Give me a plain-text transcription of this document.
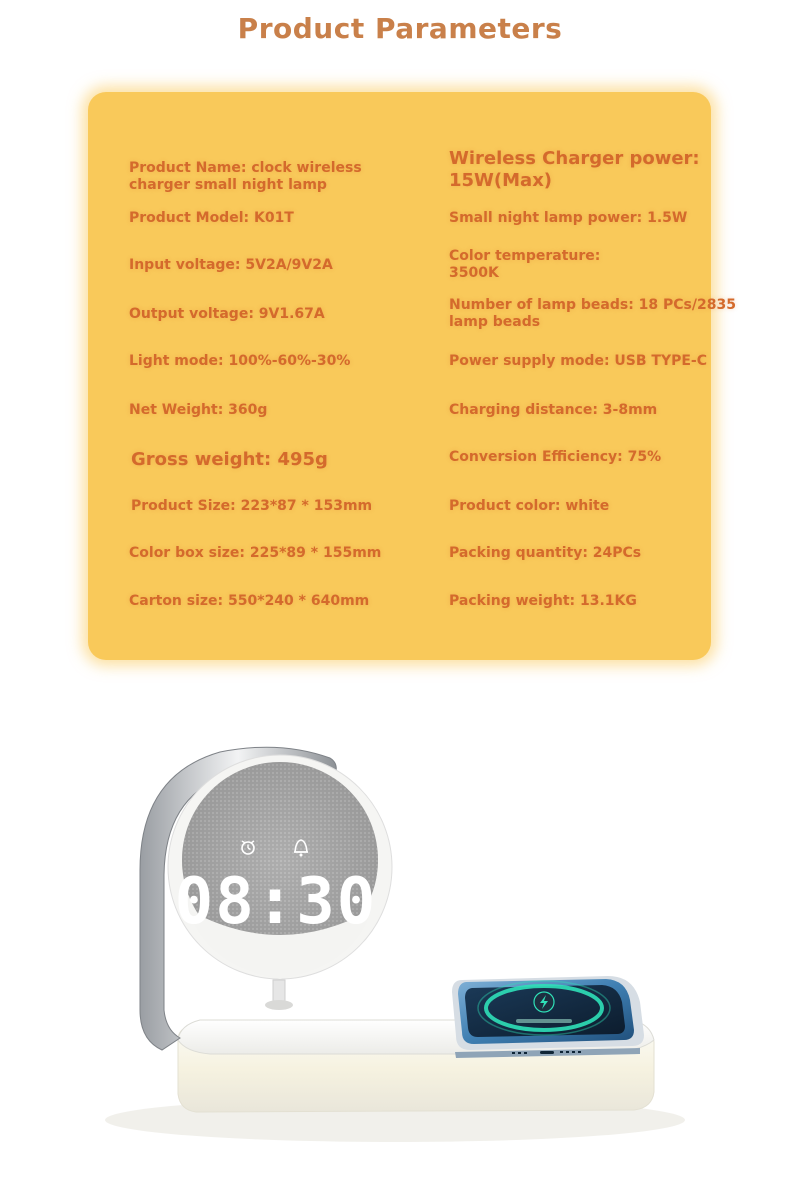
Product Parameters
Product Name: clock wireless charger small night lamp
Product Model: K01T
Input voltage: 5V2A/9V2A
Output voltage: 9V1.67A
Light mode: 100%-60%-30%
Net Weight: 360g
Gross weight: 495g
Product Size: 223*87 * 153mm
Color box size: 225*89 * 155mm
Carton size: 550*240 * 640mm
Wireless Charger power: 15W(Max)
Small night lamp power: 1.5W
Color temperature: 3500K
Number of lamp beads: 18 PCs/2835 lamp beads
Power supply mode: USB TYPE-C
Charging distance: 3-8mm
Conversion Efficiency: 75%
Product color: white
Packing quantity: 24PCs
Packing weight: 13.1KG
08:30
